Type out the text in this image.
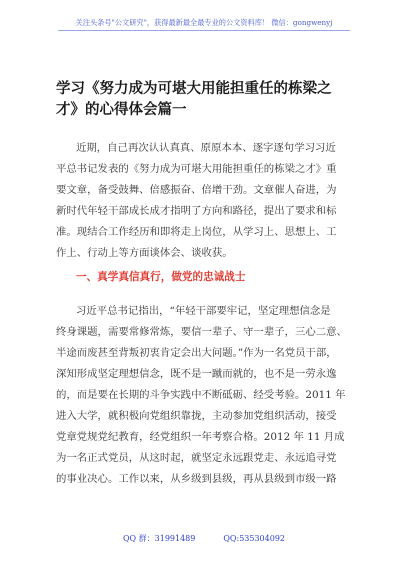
关注头条号"公文研究"，获得最新最全最专业的公文资料库！ 微信：gongwenyj
学习《努力成为可堪大用能担重任的栋梁之
才》的心得体会篇一
近期，自己再次认认真真、原原本本、逐字逐句学习习近
平总书记发表的《努力成为可堪大用能担重任的栋梁之才》重
要文章，备受鼓舞、倍感振奋、倍增干劲。文章催人奋进，为
新时代年轻干部成长成才指明了方向和路径，提出了要求和标
准。现结合工作经历和即将走上岗位，从学习上、思想上、工
作上、行动上等方面谈体会、谈收获。
一、真学真信真行，做党的忠诚战士
习近平总书记指出，“年轻干部要牢记，坚定理想信念是
终身课题，需要常修常炼，要信一辈子、守一辈子，三心二意、
半途而废甚至背叛初衷肯定会出大问题。”作为一名党员干部，
深知形成坚定理想信念，既不是一蹴而就的，也不是一劳永逸
的，而是要在长期的斗争实践中不断砥砺、经受考验。2011 年
进入大学，就积极向党组织靠拢，主动参加党组织活动，接受
党章党规党纪教育，经党组织一年考察合格。2012 年 11 月成
为一名正式党员，从这时起，就坚定永远跟党走、永远追寻党
的事业决心。工作以来，从乡级到县级，再从县级到市级一路
QQ 群：31991489	QQ:535304092
